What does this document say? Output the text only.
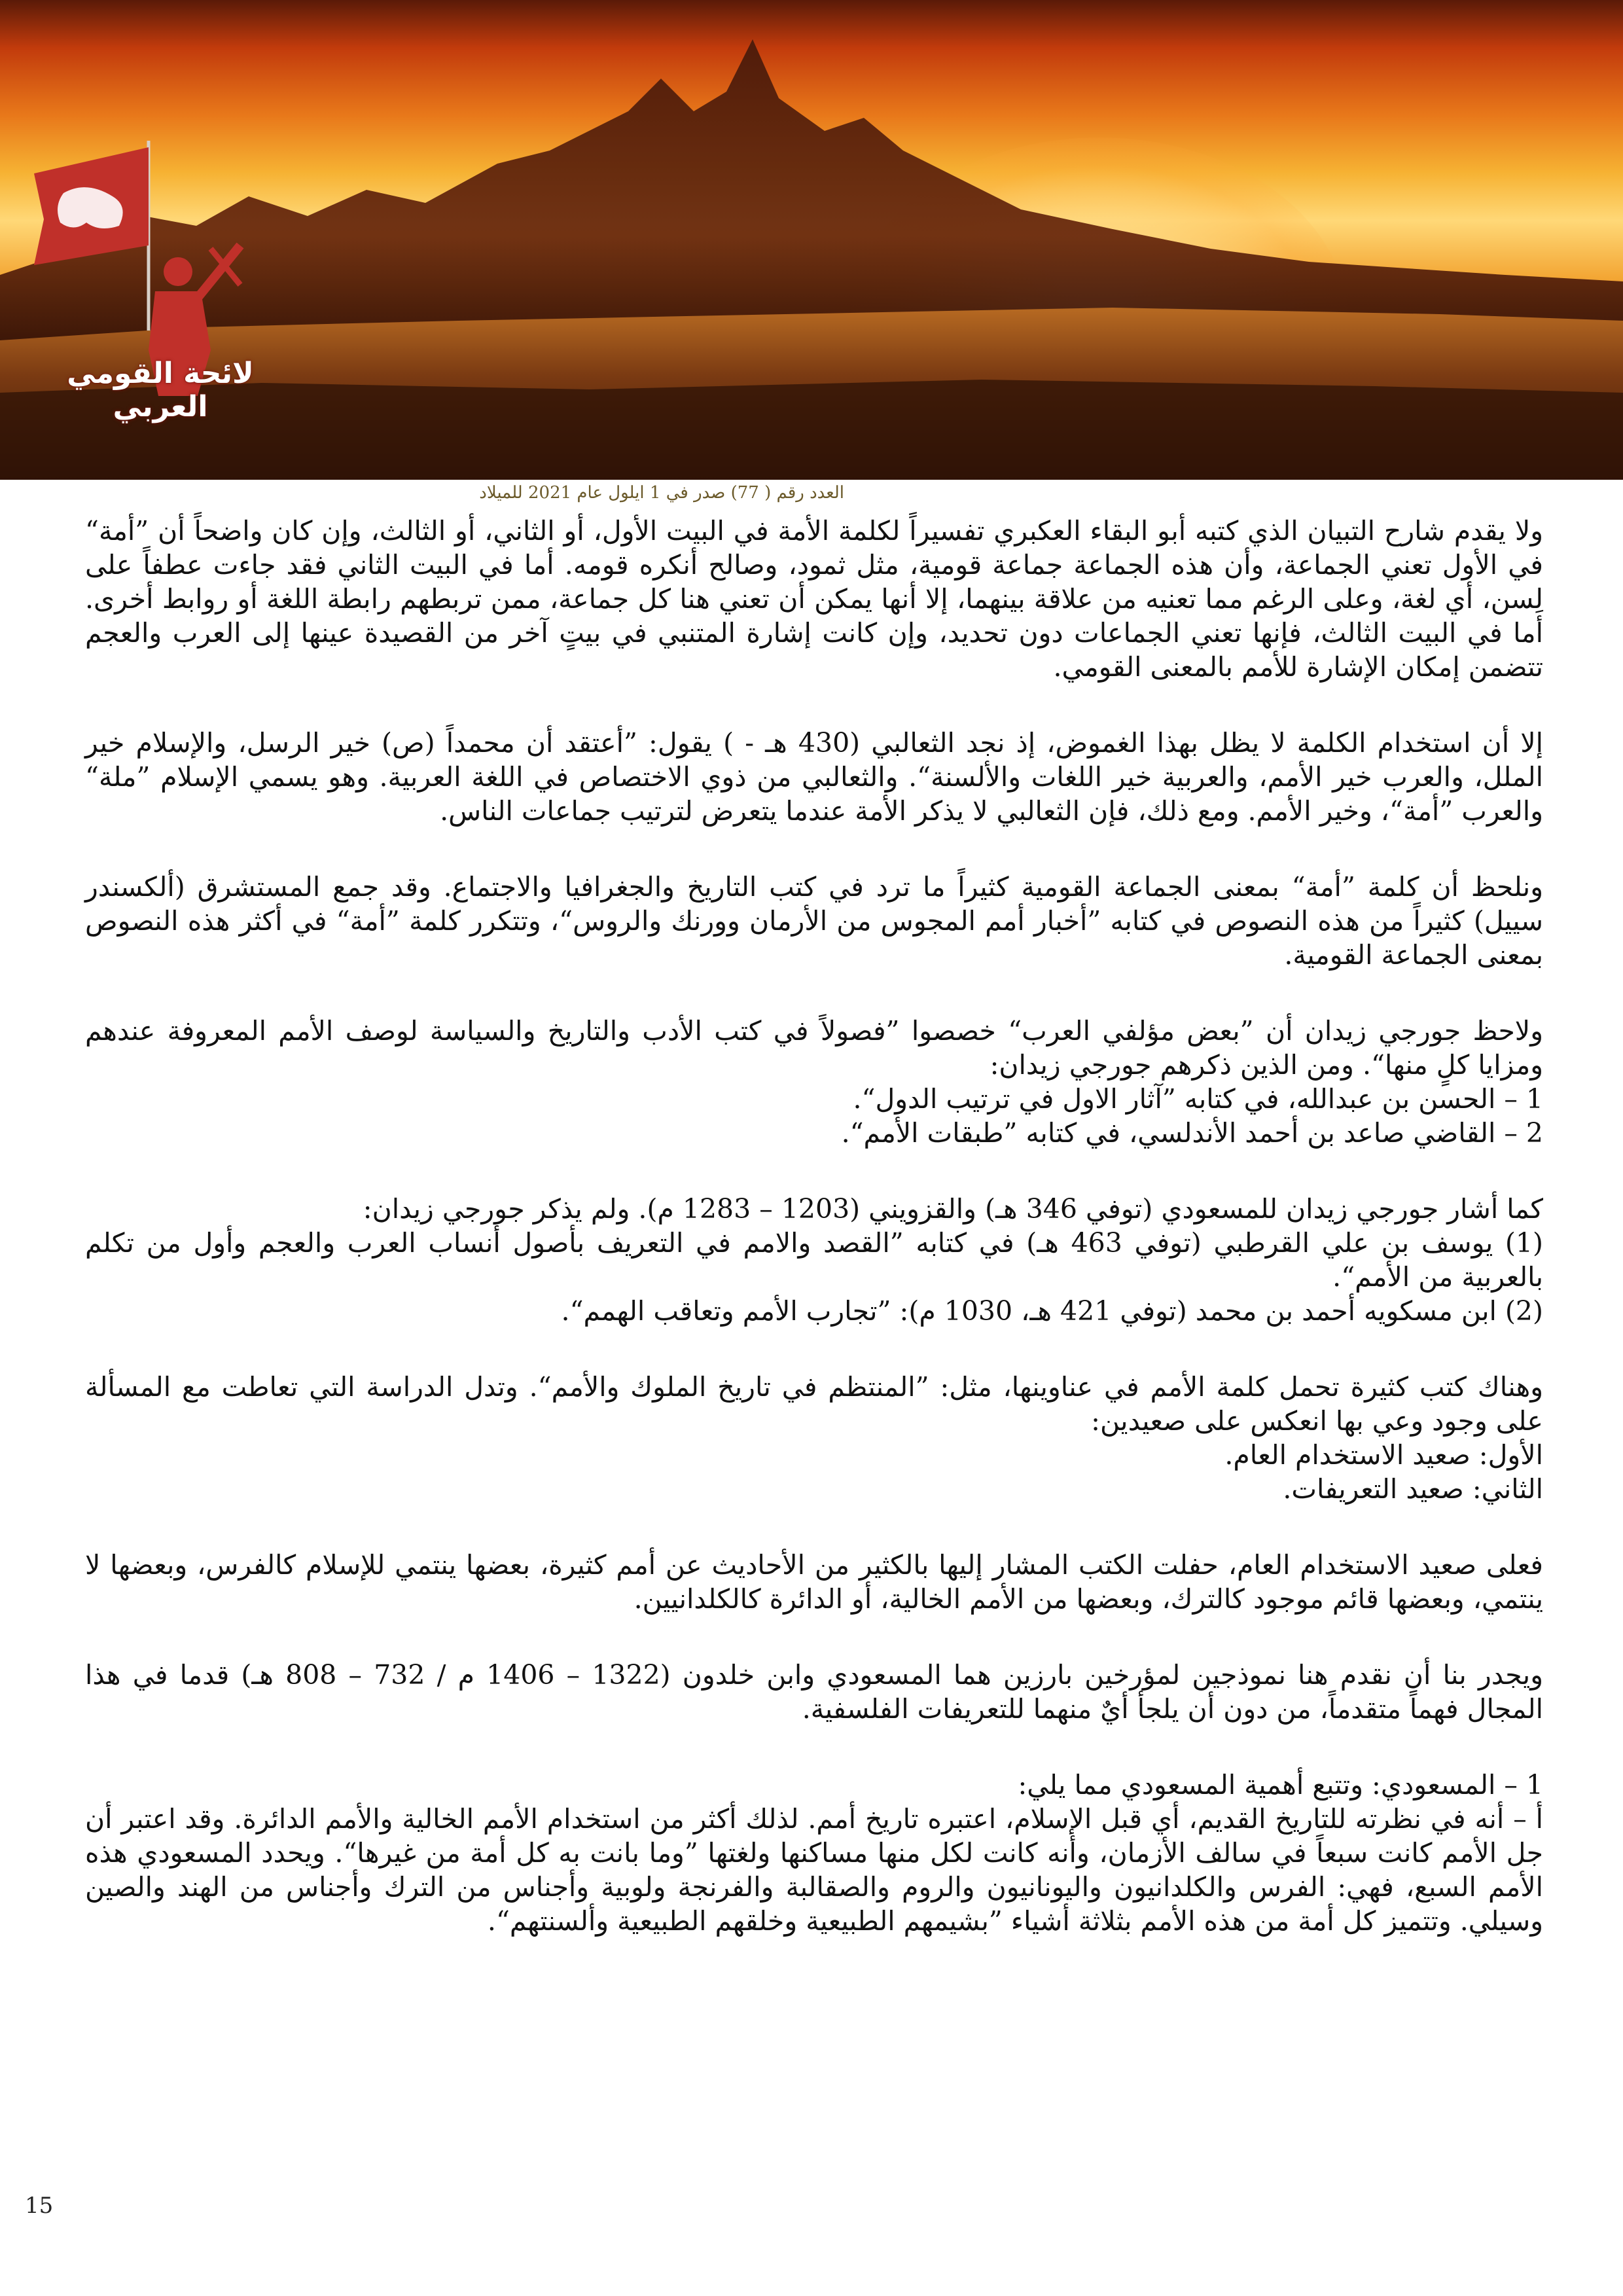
لائحة القومي العربي
العدد رقم ( 77) صدر في 1 ايلول عام 2021 للميلاد

ولا يقدم شارح التبيان الذي كتبه أبو البقاء العكبري تفسيراً لكلمة الأمة في البيت الأول، أو الثاني، أو الثالث، وإن كان واضحاً أن ”أمة“ في الأول تعني الجماعة، وأن هذه الجماعة جماعة قومية، مثل ثمود، وصالح أنكره قومه. أما في البيت الثاني فقد جاءت عطفاً على لِسن، أي لغة، وعلى الرغم مما تعنيه من علاقة بينهما، إلا أنها يمكن أن تعني هنا كل جماعة، ممن تربطهم رابطة اللغة أو روابط أخرى. أما في البيت الثالث، فإنها تعني الجماعات دون تحديد، وإن كانت إشارة المتنبي في بيتٍ آخر من القصيدة عينها إلى العرب والعجم تتضمن إمكان الإشارة للأمم بالمعنى القومي.

إلا أن استخدام الكلمة لا يظل بهذا الغموض، إذ نجد الثعالبي (430 هـ - ) يقول: ”أعتقد أن محمداً (ص) خير الرسل، والإسلام خير الملل، والعرب خير الأمم، والعربية خير اللغات والألسنة“. والثعالبي من ذوي الاختصاص في اللغة العربية. وهو يسمي الإسلام ”ملة“ والعرب ”أمة“، وخير الأمم. ومع ذلك، فإن الثعالبي لا يذكر الأمة عندما يتعرض لترتيب جماعات الناس.

ونلحظ أن كلمة ”أمة“ بمعنى الجماعة القومية كثيراً ما ترد في كتب التاريخ والجغرافيا والاجتماع. وقد جمع المستشرق (ألكسندر سييل) كثيراً من هذه النصوص في كتابه ”أخبار أمم المجوس من الأرمان وورنك والروس“، وتتكرر كلمة ”أمة“ في أكثر هذه النصوص بمعنى الجماعة القومية.

ولاحظ جورجي زيدان أن ”بعض مؤلفي العرب“ خصصوا ”فصولاً في كتب الأدب والتاريخ والسياسة لوصف الأمم المعروفة عندهم ومزايا كلٍ منها“. ومن الذين ذكرهم جورجي زيدان:
1 – الحسن بن عبدالله، في كتابه ”آثار الاول في ترتيب الدول“.
2 – القاضي صاعد بن أحمد الأندلسي، في كتابه ”طبقات الأمم“.

كما أشار جورجي زيدان للمسعودي (توفي 346 هـ) والقزويني (1203 – 1283 م). ولم يذكر جورجي زيدان:
(1) يوسف بن علي القرطبي (توفي 463 هـ) في كتابه ”القصد والامم في التعريف بأصول أنساب العرب والعجم وأول من تكلم بالعربية من الأمم“.
(2) ابن مسكويه أحمد بن محمد (توفي 421 هـ، 1030 م): ”تجارب الأمم وتعاقب الهمم“.

وهناك كتب كثيرة تحمل كلمة الأمم في عناوينها، مثل: ”المنتظم في تاريخ الملوك والأمم“. وتدل الدراسة التي تعاطت مع المسألة على وجود وعي بها انعكس على صعيدين:
الأول: صعيد الاستخدام العام.
الثاني: صعيد التعريفات.

فعلى صعيد الاستخدام العام، حفلت الكتب المشار إليها بالكثير من الأحاديث عن أمم كثيرة، بعضها ينتمي للإسلام كالفرس، وبعضها لا ينتمي، وبعضها قائم موجود كالترك، وبعضها من الأمم الخالية، أو الدائرة كالكلدانيين.

ويجدر بنا أن نقدم هنا نموذجين لمؤرخين بارزين هما المسعودي وابن خلدون (1322 – 1406 م / 732 – 808 هـ) قدما في هذا المجال فهماً متقدماً، من دون أن يلجأ أيٌ منهما للتعريفات الفلسفية.

1 – المسعودي: وتتبع أهمية المسعودي مما يلي:
أ – أنه في نظرته للتاريخ القديم، أي قبل الإسلام، اعتبره تاريخ أمم. لذلك أكثر من استخدام الأمم الخالية والأمم الدائرة. وقد اعتبر أن جل الأمم كانت سبعاً في سالف الأزمان، وأنه كانت لكل منها مساكنها ولغتها ”وما بانت به كل أمة من غيرها“. ويحدد المسعودي هذه الأمم السبع، فهي: الفرس والكلدانيون واليونانيون والروم والصقالبة والفرنجة ولوبية وأجناس من الترك وأجناس من الهند والصين وسيلي. وتتميز كل أمة من هذه الأمم بثلاثة أشياء ”بشيمهم الطبيعية وخلقهم الطبيعية وألسنتهم“.

15
